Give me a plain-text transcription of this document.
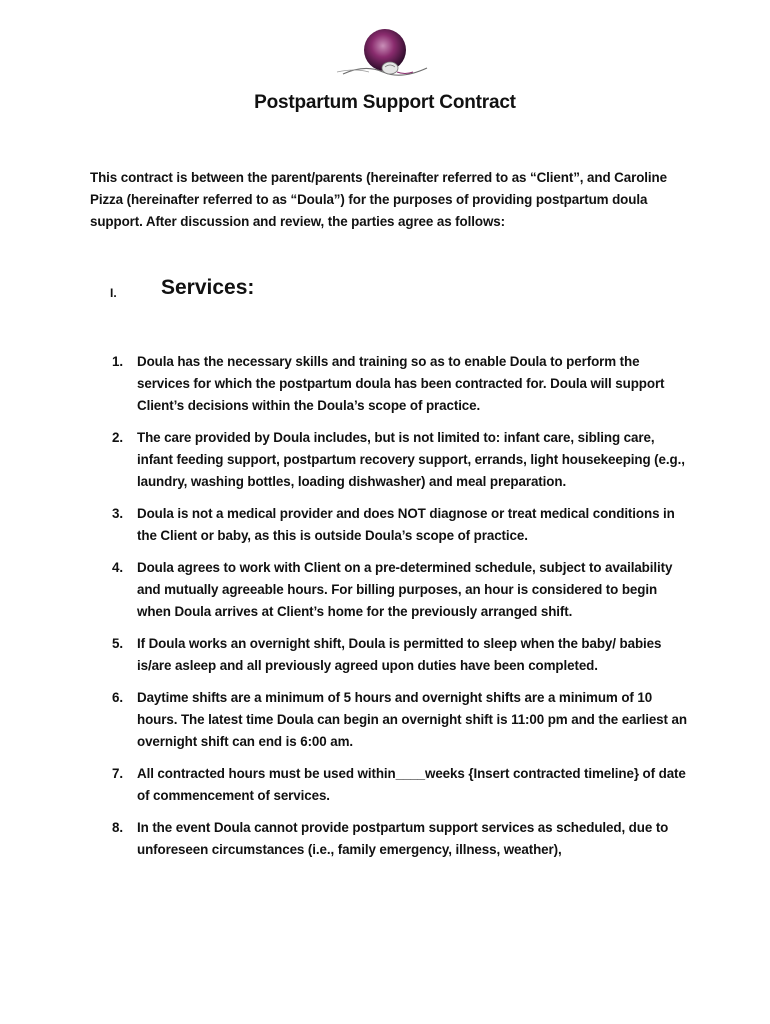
Postpartum Support Contract
This contract is between the parent/parents (hereinafter referred to as “Client”, and Caroline Pizza (hereinafter referred to as “Doula”) for the purposes of providing postpartum doula support. After discussion and review, the parties agree as follows:
I. Services:
1. Doula has the necessary skills and training so as to enable Doula to perform the services for which the postpartum doula has been contracted for. Doula will support Client’s decisions within the Doula’s scope of practice.
2. The care provided by Doula includes, but is not limited to: infant care, sibling care, infant feeding support, postpartum recovery support, errands, light housekeeping (e.g., laundry, washing bottles, loading dishwasher) and meal preparation.
3. Doula is not a medical provider and does NOT diagnose or treat medical conditions in the Client or baby, as this is outside Doula’s scope of practice.
4. Doula agrees to work with Client on a pre-determined schedule, subject to availability and mutually agreeable hours. For billing purposes, an hour is considered to begin when Doula arrives at Client’s home for the previously arranged shift.
5. If Doula works an overnight shift, Doula is permitted to sleep when the baby/ babies is/are asleep and all previously agreed upon duties have been completed.
6. Daytime shifts are a minimum of 5 hours and overnight shifts are a minimum of 10 hours. The latest time Doula can begin an overnight shift is 11:00 pm and the earliest an overnight shift can end is 6:00 am.
7. All contracted hours must be used within____weeks {Insert contracted timeline} of date of commencement of services.
8. In the event Doula cannot provide postpartum support services as scheduled, due to unforeseen circumstances (i.e., family emergency, illness, weather),
